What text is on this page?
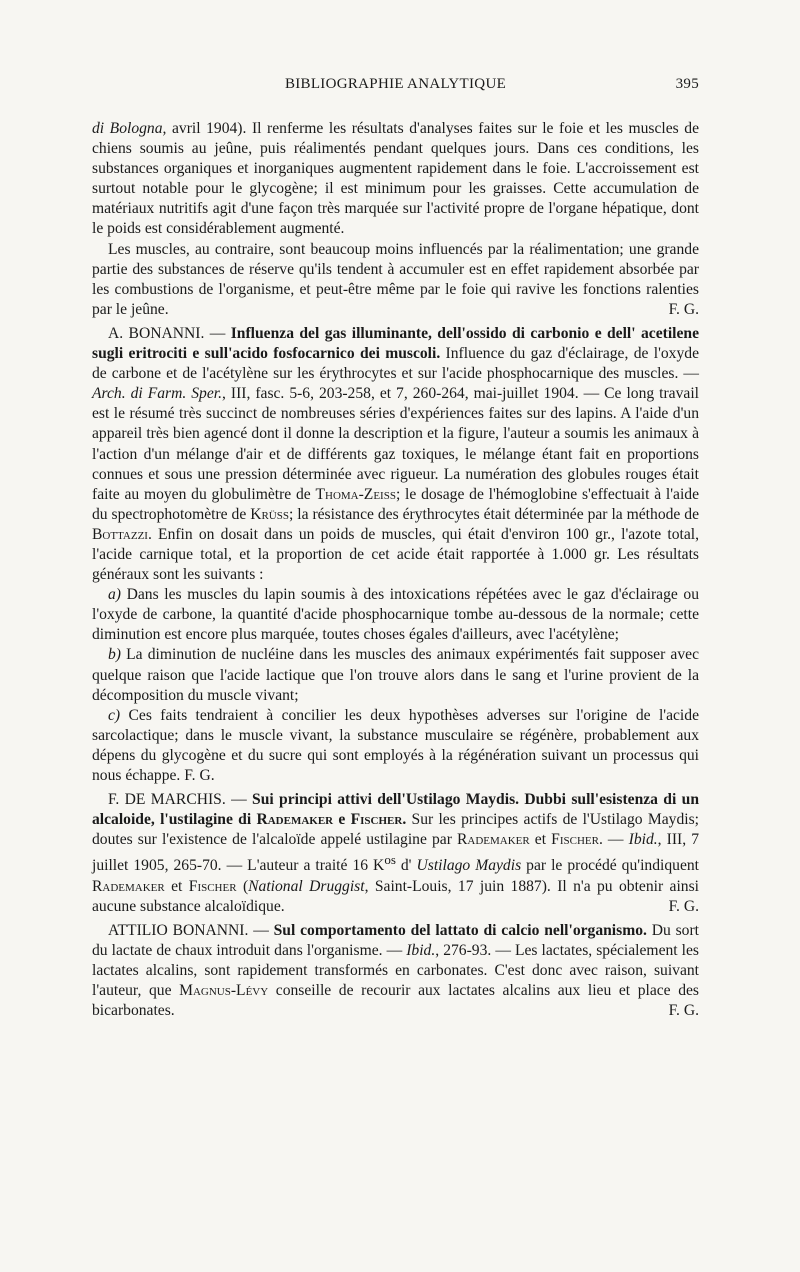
BIBLIOGRAPHIE ANALYTIQUE	395

di Bologna, avril 1904). Il renferme les résultats d'analyses faites sur le foie et les muscles de chiens soumis au jeûne, puis réalimentés pendant quelques jours. Dans ces conditions, les substances organiques et inorganiques augmentent rapidement dans le foie. L'accroissement est surtout notable pour le glycogène; il est minimum pour les graisses. Cette accumulation de matériaux nutritifs agit d'une façon très marquée sur l'activité propre de l'organe hépatique, dont le poids est considérablement augmenté.

Les muscles, au contraire, sont beaucoup moins influencés par la réalimentation; une grande partie des substances de réserve qu'ils tendent à accumuler est en effet rapidement absorbée par les combustions de l'organisme, et peut-être même par le foie qui ravive les fonctions ralenties par le jeûne.	F. G.

A. BONANNI. — Influenza del gas illuminante, dell'ossido di carbonio e dell' acetilene sugli eritrociti e sull'acido fosfocarnico dei muscoli. Influence du gaz d'éclairage, de l'oxyde de carbone et de l'acétylène sur les érythrocytes et sur l'acide phosphocarnique des muscles. — Arch. di Farm. Sper., III, fasc. 5-6, 203-258, et 7, 260-264, mai-juillet 1904. — Ce long travail est le résumé très succinct de nombreuses séries d'expériences faites sur des lapins. A l'aide d'un appareil très bien agencé dont il donne la description et la figure, l'auteur a soumis les animaux à l'action d'un mélange d'air et de différents gaz toxiques, le mélange étant fait en proportions connues et sous une pression déterminée avec rigueur. La numération des globules rouges était faite au moyen du globulimètre de Thoma-Zeiss; le dosage de l'hémoglobine s'effectuait à l'aide du spectrophotomètre de Krüss; la résistance des érythrocytes était déterminée par la méthode de Bottazzi. Enfin on dosait dans un poids de muscles, qui était d'environ 100 gr., l'azote total, l'acide carnique total, et la proportion de cet acide était rapportée à 1.000 gr. Les résultats généraux sont les suivants :

a) Dans les muscles du lapin soumis à des intoxications répétées avec le gaz d'éclairage ou l'oxyde de carbone, la quantité d'acide phosphocarnique tombe au-dessous de la normale; cette diminution est encore plus marquée, toutes choses égales d'ailleurs, avec l'acétylène;

b) La diminution de nucléine dans les muscles des animaux expérimentés fait supposer avec quelque raison que l'acide lactique que l'on trouve alors dans le sang et l'urine provient de la décomposition du muscle vivant;

c) Ces faits tendraient à concilier les deux hypothèses adverses sur l'origine de l'acide sarcolactique; dans le muscle vivant, la substance musculaire se régénère, probablement aux dépens du glycogène et du sucre qui sont employés à la régénération suivant un processus qui nous échappe. F. G.

F. DE MARCHIS. — Sui principi attivi dell'Ustilago Maydis. Dubbi sull'esistenza di un alcaloide, l'ustilagine di Rademaker e Fischer. Sur les principes actifs de l'Ustilago Maydis; doutes sur l'existence de l'alcaloïde appelé ustilagine par Rademaker et Fischer. — Ibid., III, 7 juillet 1905, 265-70. — L'auteur a traité 16 $K^{os}$ d' Ustilago Maydis par le procédé qu'indiquent Rademaker et Fischer (National Druggist, Saint-Louis, 17 juin 1887). Il n'a pu obtenir ainsi aucune substance alcaloïdique.	F. G.

ATTILIO BONANNI. — Sul comportamento del lattato di calcio nell'organismo. Du sort du lactate de chaux introduit dans l'organisme. — Ibid., 276-93. — Les lactates, spécialement les lactates alcalins, sont rapidement transformés en carbonates. C'est donc avec raison, suivant l'auteur, que Magnus-Lévy conseille de recourir aux lactates alcalins aux lieu et place des bicarbonates.	F. G.
